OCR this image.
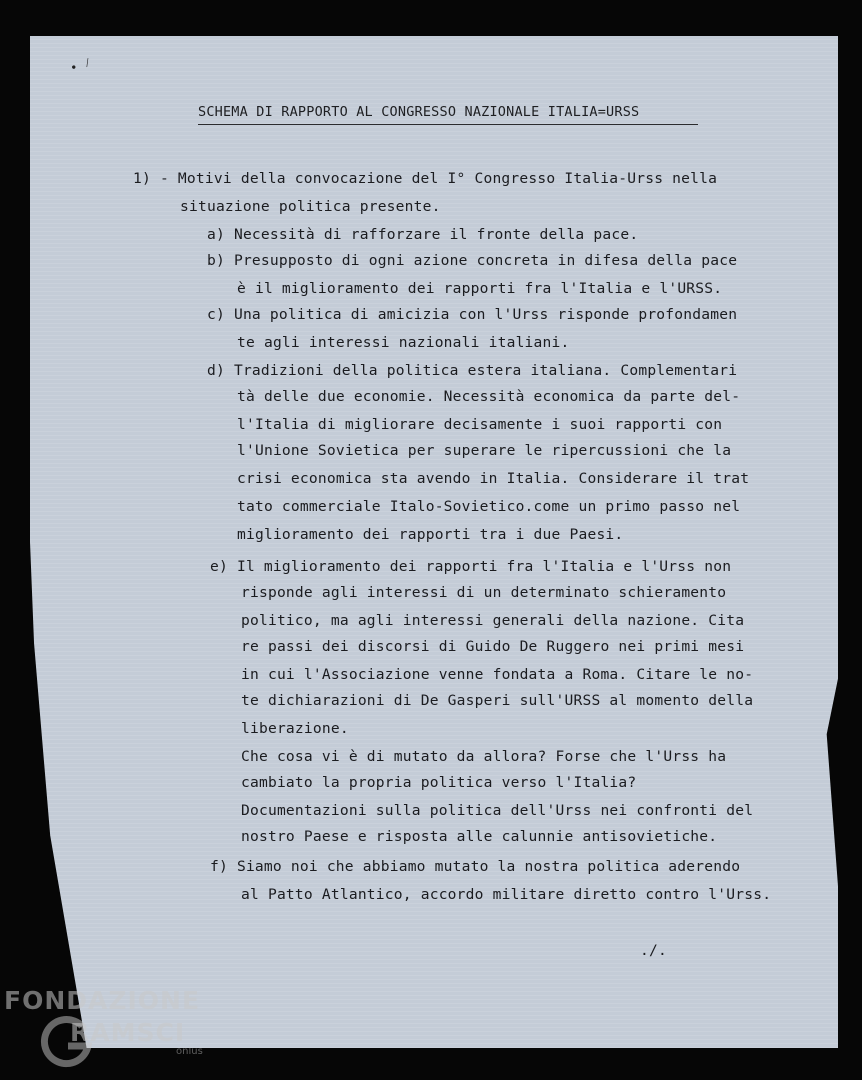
• ⁄
SCHEMA DI RAPPORTO AL CONGRESSO NAZIONALE ITALIA=URSS
1) - Motivi della convocazione del I° Congresso Italia-Urss nella
situazione politica presente.
a) Necessità di rafforzare il fronte della pace.
b) Presupposto di ogni azione concreta in difesa della pace
è il miglioramento dei rapporti fra l'Italia e l'URSS.
c) Una politica di amicizia con l'Urss risponde profondamen
te agli interessi nazionali italiani.
d) Tradizioni della politica estera italiana. Complementari
tà delle due economie. Necessità economica da parte del-
l'Italia di migliorare decisamente i suoi rapporti con
l'Unione Sovietica per superare le ripercussioni che la
crisi economica sta avendo in Italia. Considerare il trat
tato commerciale Italo-Sovietico.come un primo passo nel
miglioramento dei rapporti tra i due Paesi.
e) Il miglioramento dei rapporti fra l'Italia e l'Urss non
risponde agli interessi di un determinato schieramento
politico, ma agli interessi generali della nazione. Cita
re passi dei discorsi di Guido De Ruggero nei primi mesi
in cui l'Associazione venne fondata a Roma. Citare le no-
te dichiarazioni di De Gasperi sull'URSS al momento della
liberazione.
Che cosa vi è di mutato da allora? Forse che l'Urss ha
cambiato la propria politica verso l'Italia?
Documentazioni sulla politica dell'Urss nei confronti del
nostro Paese e risposta alle calunnie antisovietiche.
f) Siamo noi che abbiamo mutato la nostra politica aderendo
al Patto Atlantico, accordo militare diretto contro l'Urss.
./.
FONDAZIONE
RAMSCI
onlus
